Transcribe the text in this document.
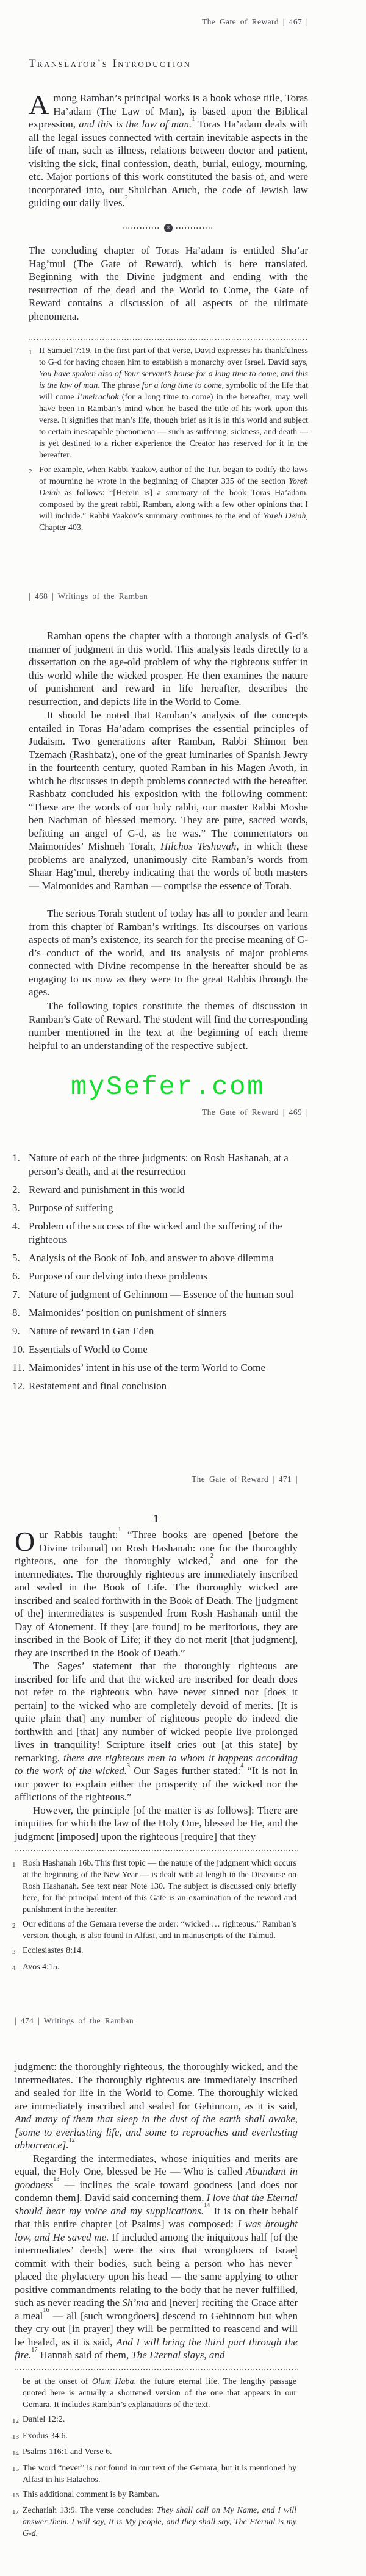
The Gate of Reward | 467 |
Translator’s Introduction

Among Ramban’s principal works is a book whose title, Toras Ha’adam (The Law of Man), is based upon the Biblical expression, and this is the law of man.$^1$ Toras Ha’adam deals with all the legal issues connected with certain inevitable aspects in the life of man, such as illness, relations between doctor and patient, visiting the sick, final confession, death, burial, eulogy, mourning, etc. Major portions of this work constituted the basis of, and were incorporated into, our Shulchan Aruch, the code of Jewish law guiding our daily lives.$^2$

✳

The concluding chapter of Toras Ha’adam is entitled Sha’ar Hag’mul (The Gate of Reward), which is here translated. Beginning with the Divine judgment and ending with the resurrection of the dead and the World to Come, the Gate of Reward contains a discussion of all aspects of the ultimate phenomena.

1 II Samuel 7:19. In the first part of that verse, David expresses his thankfulness to G-d for having chosen him to establish a monarchy over Israel. David says, You have spoken also of Your servant’s house for a long time to come, and this is the law of man. The phrase for a long time to come, symbolic of the life that will come l’meirachok (for a long time to come) in the hereafter, may well have been in Ramban’s mind when he based the title of his work upon this verse. It signifies that man’s life, though brief as it is in this world and subject to certain inescapable phenomena — such as suffering, sickness, and death — is yet destined to a richer experience the Creator has reserved for it in the hereafter.
2 For example, when Rabbi Yaakov, author of the Tur, began to codify the laws of mourning he wrote in the beginning of Chapter 335 of the section Yoreh Deiah as follows: “[Herein is] a summary of the book Toras Ha’adam, composed by the great rabbi, Ramban, along with a few other opinions that I will include.” Rabbi Yaakov’s summary continues to the end of Yoreh Deiah, Chapter 403.
| 468 | Writings of the Ramban

Ramban opens the chapter with a thorough analysis of G-d’s manner of judgment in this world. This analysis leads directly to a dissertation on the age-old problem of why the righteous suffer in this world while the wicked prosper. He then examines the nature of punishment and reward in life hereafter, describes the resurrection, and depicts life in the World to Come.

It should be noted that Ramban’s analysis of the concepts entailed in Toras Ha’adam comprises the essential principles of Judaism. Two generations after Ramban, Rabbi Shimon ben Tzemach (Rashbatz), one of the great luminaries of Spanish Jewry in the fourteenth century, quoted Ramban in his Magen Avoth, in which he discusses in depth problems connected with the hereafter. Rashbatz concluded his exposition with the following comment: “These are the words of our holy rabbi, our master Rabbi Moshe ben Nachman of blessed memory. They are pure, sacred words, befitting an angel of G-d, as he was.” The commentators on Maimonides’ Mishneh Torah, Hilchos Teshuvah, in which these problems are analyzed, unanimously cite Ramban’s words from Shaar Hag’mul, thereby indicating that the words of both masters — Maimonides and Ramban — comprise the essence of Torah.

The serious Torah student of today has all to ponder and learn from this chapter of Ramban’s writings. Its discourses on various aspects of man’s existence, its search for the precise meaning of G-d’s conduct of the world, and its analysis of major problems connected with Divine recompense in the hereafter should be as engaging to us now as they were to the great Rabbis through the ages.

The following topics constitute the themes of discussion in Ramban’s Gate of Reward. The student will find the corresponding number mentioned in the text at the beginning of each theme helpful to an understanding of the respective subject.

mySefer.com
The Gate of Reward | 469 |
1. Nature of each of the three judgments: on Rosh Hashanah, at a person’s death, and at the resurrection
2. Reward and punishment in this world
3. Purpose of suffering
4. Problem of the success of the wicked and the suffering of the righteous
5. Analysis of the Book of Job, and answer to above dilemma
6. Purpose of our delving into these problems
7. Nature of judgment of Gehinnom — Essence of the human soul
8. Maimonides’ position on punishment of sinners
9. Nature of reward in Gan Eden
10. Essentials of World to Come
11. Maimonides’ intent in his use of the term World to Come
12. Restatement and final conclusion
The Gate of Reward | 471 |
1

Our Rabbis taught:$^1$ “Three books are opened [before the Divine tribunal] on Rosh Hashanah: one for the thoroughly righteous, one for the thoroughly wicked,$^2$ and one for the intermediates. The thoroughly righteous are immediately inscribed and sealed in the Book of Life. The thoroughly wicked are inscribed and sealed forthwith in the Book of Death. The [judgment of the] intermediates is suspended from Rosh Hashanah until the Day of Atonement. If they [are found] to be meritorious, they are inscribed in the Book of Life; if they do not merit [that judgment], they are inscribed in the Book of Death.”

The Sages’ statement that the thoroughly righteous are inscribed for life and that the wicked are inscribed for death does not refer to the righteous who have never sinned nor [does it pertain] to the wicked who are completely devoid of merits. [It is quite plain that] any number of righteous people do indeed die forthwith and [that] any number of wicked people live prolonged lives in tranquility! Scripture itself cries out [at this state] by remarking, there are righteous men to whom it happens according to the work of the wicked.$^3$ Our Sages further stated:$^4$ “It is not in our power to explain either the prosperity of the wicked nor the afflictions of the righteous.”

However, the principle [of the matter is as follows]: There are iniquities for which the law of the Holy One, blessed be He, and the judgment [imposed] upon the righteous [require] that they

1 Rosh Hashanah 16b. This first topic — the nature of the judgment which occurs at the beginning of the New Year — is dealt with at length in the Discourse on Rosh Hashanah. See text near Note 130. The subject is discussed only briefly here, for the principal intent of this Gate is an examination of the reward and punishment in the hereafter.
2 Our editions of the Gemara reverse the order: “wicked … righteous.” Ramban’s version, though, is also found in Alfasi, and in manuscripts of the Talmud.
3 Ecclesiastes 8:14.
4 Avos 4:15.
| 474 | Writings of the Ramban

judgment: the thoroughly righteous, the thoroughly wicked, and the intermediates. The thoroughly righteous are immediately inscribed and sealed for life in the World to Come. The thoroughly wicked are immediately inscribed and sealed for Gehinnom, as it is said, And many of them that sleep in the dust of the earth shall awake, [some to everlasting life, and some to reproaches and everlasting abhorrence].$^{12}$

Regarding the intermediates, whose iniquities and merits are equal, the Holy One, blessed be He — Who is called Abundant in goodness$^{13}$ — inclines the scale toward goodness [and does not condemn them]. David said concerning them, I love that the Eternal should hear my voice and my supplications.$^{14}$ It is on their behalf that this entire chapter [of Psalms] was composed: I was brought low, and He saved me. If included among the iniquitous half [of the intermediates’ deeds] were the sins that wrongdoers of Israel commit with their bodies, such being a person who has never$^{15}$ placed the phylactery upon his head — the same applying to other positive commandments relating to the body that he never fulfilled, such as never reading the Sh’ma and [never] reciting the Grace after a meal$^{16}$ — all [such wrongdoers] descend to Gehinnom but when they cry out [in prayer] they will be permitted to reascend and will be healed, as it is said, And I will bring the third part through the fire.$^{17}$ Hannah said of them, The Eternal slays, and

be at the onset of Olam Haba, the future eternal life. The lengthy passage quoted here is actually a shortened version of the one that appears in our Gemara. It includes Ramban’s explanations of the text.
12 Daniel 12:2.
13 Exodus 34:6.
14 Psalms 116:1 and Verse 6.
15 The word “never” is not found in our text of the Gemara, but it is mentioned by Alfasi in his Halachos.
16 This additional comment is by Ramban.
17 Zechariah 13:9. The verse concludes: They shall call on My Name, and I will answer them. I will say, It is My people, and they shall say, The Eternal is my G-d.
